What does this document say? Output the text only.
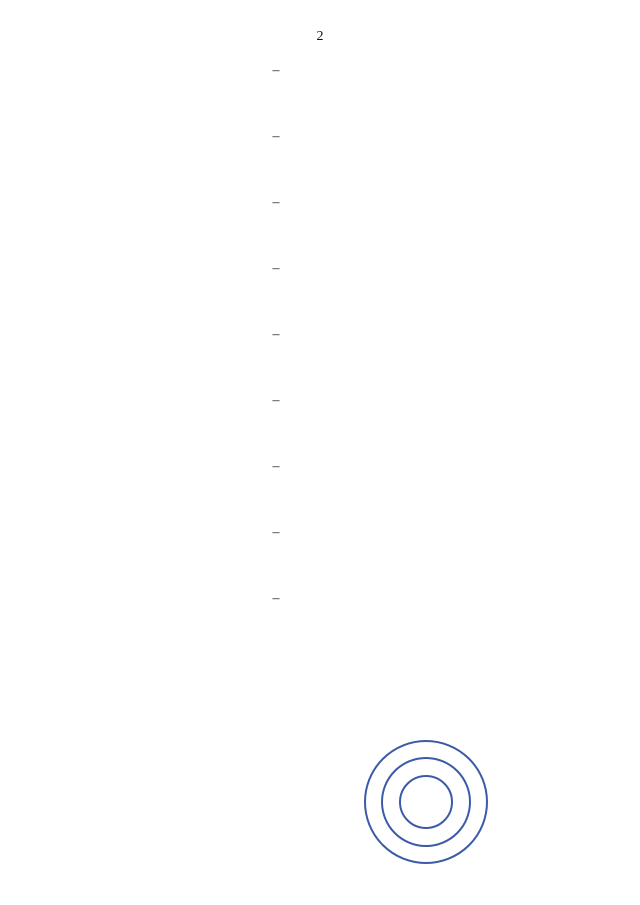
2
–
–
–
–
–
–
–
–
–
